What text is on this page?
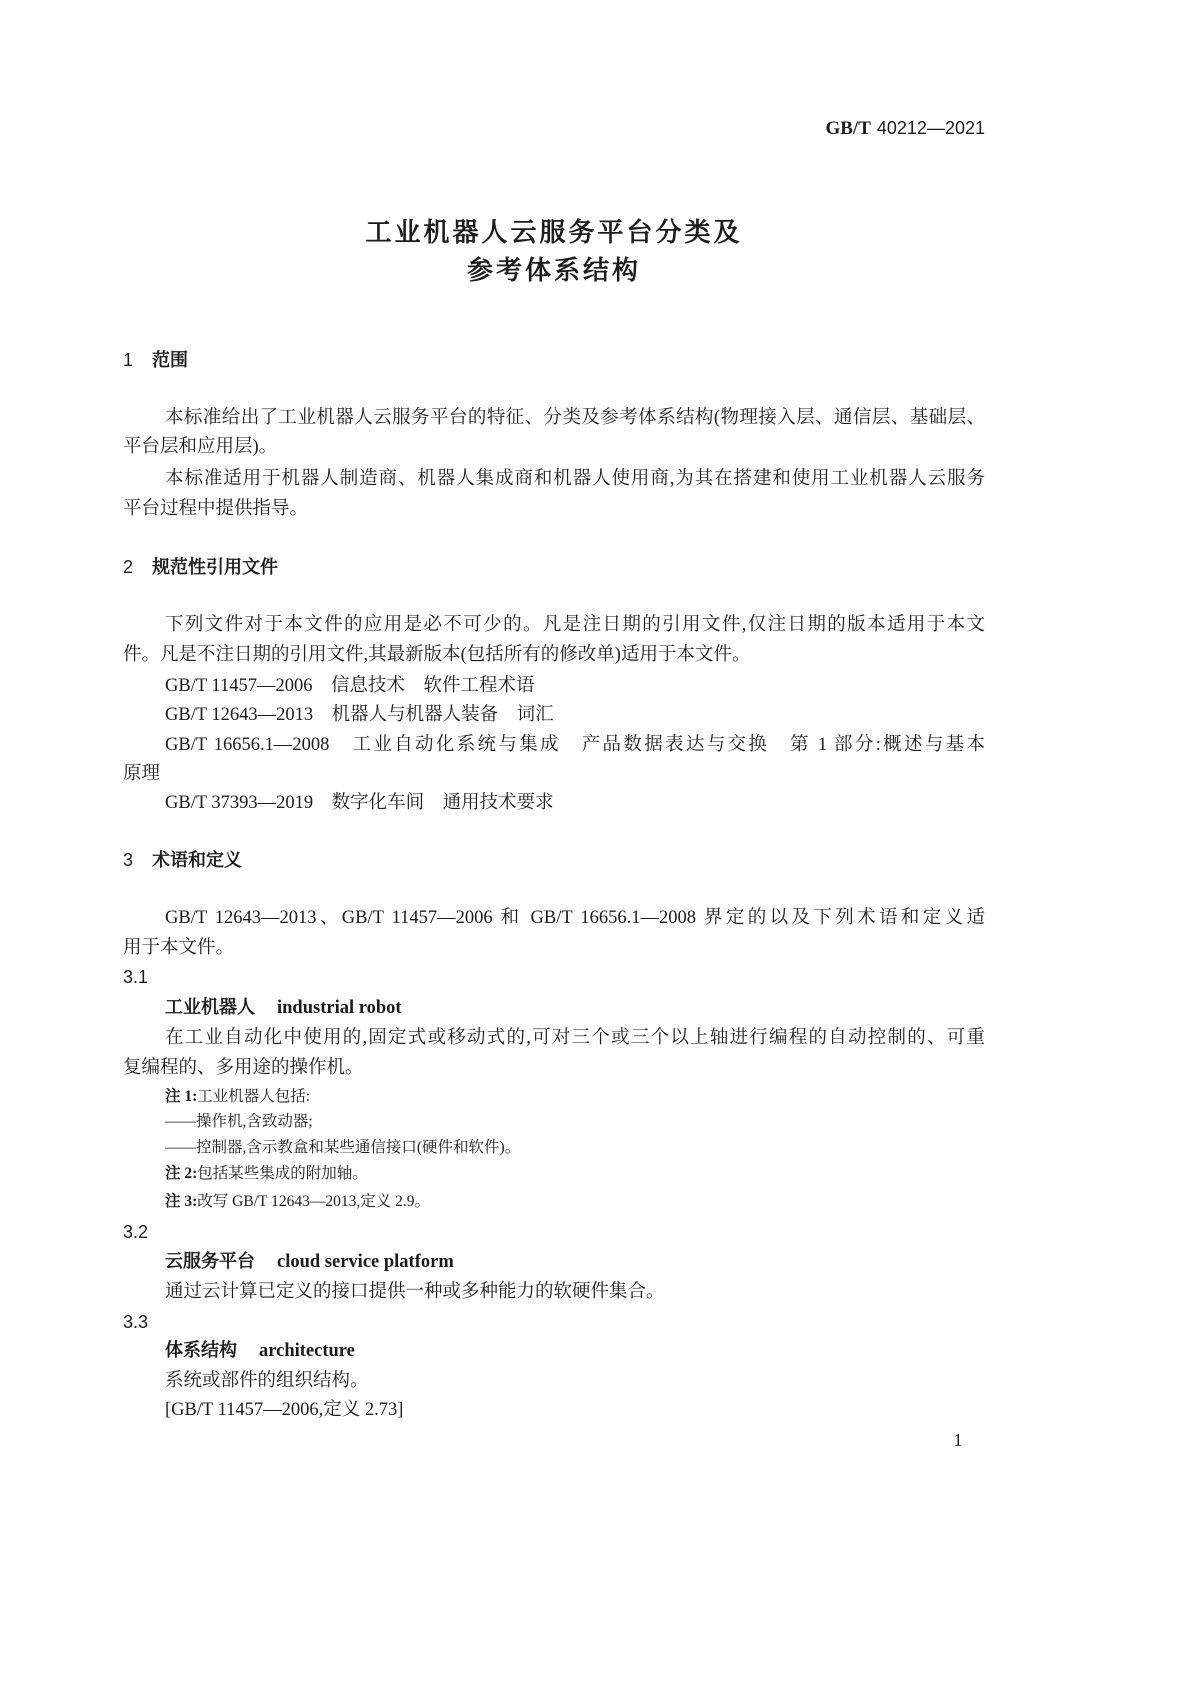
GB/T 40212—2021
工业机器人云服务平台分类及
参考体系结构
1 范围
本标准给出了工业机器人云服务平台的特征、分类及参考体系结构(物理接入层、通信层、基础层、
平台层和应用层)。
本标准适用于机器人制造商、机器人集成商和机器人使用商,为其在搭建和使用工业机器人云服务
平台过程中提供指导。
2 规范性引用文件
下列文件对于本文件的应用是必不可少的。凡是注日期的引用文件,仅注日期的版本适用于本文
件。凡是不注日期的引用文件,其最新版本(包括所有的修改单)适用于本文件。
GB/T 11457—2006　信息技术　软件工程术语
GB/T 12643—2013　机器人与机器人装备　词汇
GB/T 16656.1—2008　工业自动化系统与集成　产品数据表达与交换　第 1 部分:概述与基本
原理
GB/T 37393—2019　数字化车间　通用技术要求
3 术语和定义
GB/T 12643—2013、GB/T 11457—2006 和 GB/T 16656.1—2008 界定的以及下列术语和定义适
用于本文件。
3.1
工业机器人 industrial robot
在工业自动化中使用的,固定式或移动式的,可对三个或三个以上轴进行编程的自动控制的、可重
复编程的、多用途的操作机。
注 1:工业机器人包括:
——操作机,含致动器;
——控制器,含示教盒和某些通信接口(硬件和软件)。
注 2:包括某些集成的附加轴。
注 3:改写 GB/T 12643—2013,定义 2.9。
3.2
云服务平台 cloud service platform
通过云计算已定义的接口提供一种或多种能力的软硬件集合。
3.3
体系结构 architecture
系统或部件的组织结构。
[GB/T 11457—2006,定义 2.73]
1
